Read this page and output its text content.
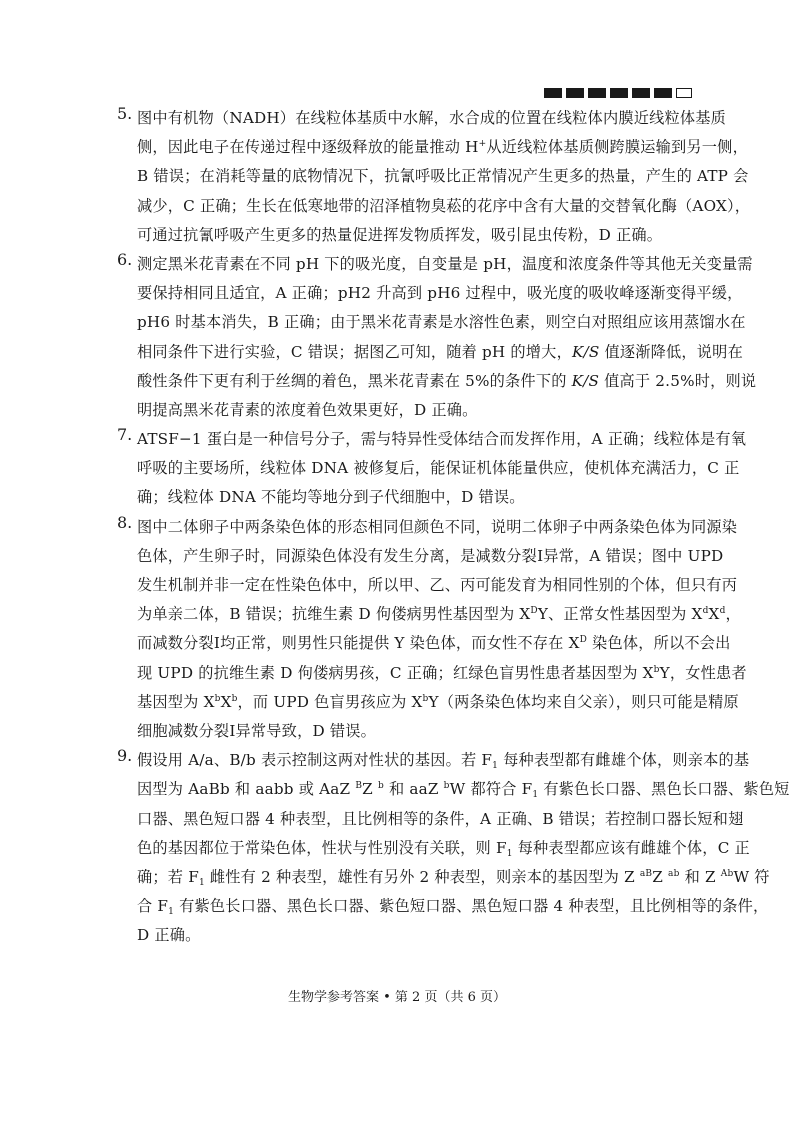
5. 图中有机物（NADH）在线粒体基质中水解，水合成的位置在线粒体内膜近线粒体基质
侧，因此电子在传递过程中逐级释放的能量推动 H+从近线粒体基质侧跨膜运输到另一侧，
B 错误；在消耗等量的底物情况下，抗氰呼吸比正常情况产生更多的热量，产生的 ATP 会
减少，C 正确；生长在低寒地带的沼泽植物臭菘的花序中含有大量的交替氧化酶（AOX），
可通过抗氰呼吸产生更多的热量促进挥发物质挥发，吸引昆虫传粉，D 正确。
6. 测定黑米花青素在不同 pH 下的吸光度，自变量是 pH，温度和浓度条件等其他无关变量需
要保持相同且适宜，A 正确；pH2 升高到 pH6 过程中，吸光度的吸收峰逐渐变得平缓，
pH6 时基本消失，B 正确；由于黑米花青素是水溶性色素，则空白对照组应该用蒸馏水在
相同条件下进行实验，C 错误；据图乙可知，随着 pH 的增大，K/S 值逐渐降低，说明在
酸性条件下更有利于丝绸的着色，黑米花青素在 5%的条件下的 K/S 值高于 2.5%时，则说
明提高黑米花青素的浓度着色效果更好，D 正确。
7. ATSF−1 蛋白是一种信号分子，需与特异性受体结合而发挥作用，A 正确；线粒体是有氧
呼吸的主要场所，线粒体 DNA 被修复后，能保证机体能量供应，使机体充满活力，C 正
确；线粒体 DNA 不能均等地分到子代细胞中，D 错误。
8. 图中二体卵子中两条染色体的形态相同但颜色不同，说明二体卵子中两条染色体为同源染
色体，产生卵子时，同源染色体没有发生分离，是减数分裂Ⅰ异常，A 错误；图中 UPD
发生机制并非一定在性染色体中，所以甲、乙、丙可能发育为相同性别的个体，但只有丙
为单亲二体，B 错误；抗维生素 D 佝偻病男性基因型为 $X^DY$、正常女性基因型为 $X^dX^d$，
而减数分裂Ⅰ均正常，则男性只能提供 Y 染色体，而女性不存在 $X^D$ 染色体，所以不会出
现 UPD 的抗维生素 D 佝偻病男孩，C 正确；红绿色盲男性患者基因型为 $X^bY$，女性患者
基因型为 $X^bX^b$，而 UPD 色盲男孩应为 $X^bY$（两条染色体均来自父亲），则只可能是精原
细胞减数分裂Ⅰ异常导致，D 错误。
9. 假设用 A/a、B/b 表示控制这两对性状的基因。若 $F_1$ 每种表型都有雌雄个体，则亲本的基
因型为 AaBb 和 aabb 或 AaZ $^B$Z $^b$ 和 aaZ $^b$W 都符合 $F_1$ 有紫色长口器、黑色长口器、紫色短
口器、黑色短口器 4 种表型，且比例相等的条件，A 正确、B 错误；若控制口器长短和翅
色的基因都位于常染色体，性状与性别没有关联，则 $F_1$ 每种表型都应该有雌雄个体，C 正
确；若 $F_1$ 雌性有 2 种表型，雄性有另外 2 种表型，则亲本的基因型为 Z $^{aB}$Z $^{ab}$ 和 Z $^{Ab}$W 符
合 $F_1$ 有紫色长口器、黑色长口器、紫色短口器、黑色短口器 4 种表型，且比例相等的条件，
D 正确。
生物学参考答案 • 第 2 页（共 6 页）
